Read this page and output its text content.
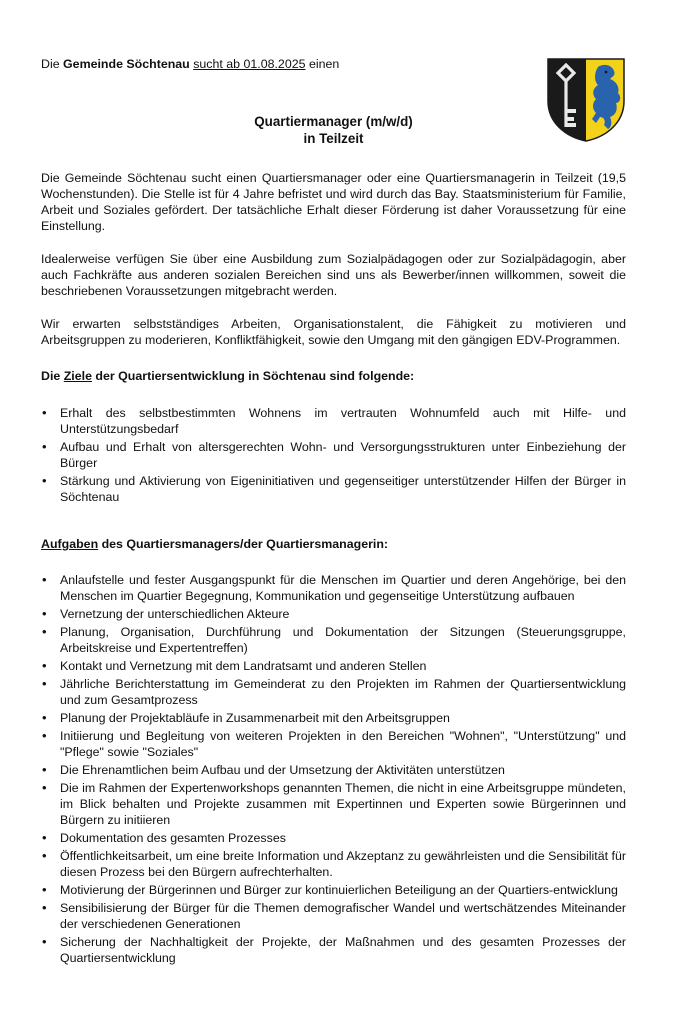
Die Gemeinde Söchtenau sucht ab 01.08.2025 einen

Quartiermanager (m/w/d)
in Teilzeit

Die Gemeinde Söchtenau sucht einen Quartiersmanager oder eine Quartiersmanagerin in Teilzeit (19,5 Wochenstunden). Die Stelle ist für 4 Jahre befristet und wird durch das Bay. Staatsministerium für Familie, Arbeit und Soziales gefördert. Der tatsächliche Erhalt dieser Förderung ist daher Voraussetzung für eine Einstellung.

Idealerweise verfügen Sie über eine Ausbildung zum Sozialpädagogen oder zur Sozialpädagogin, aber auch Fachkräfte aus anderen sozialen Bereichen sind uns als Bewerber/innen willkommen, soweit die beschriebenen Voraussetzungen mitgebracht werden.

Wir erwarten selbstständiges Arbeiten, Organisationstalent, die Fähigkeit zu motivieren und Arbeitsgruppen zu moderieren, Konfliktfähigkeit, sowie den Umgang mit den gängigen EDV-Programmen.

Die Ziele der Quartiersentwicklung in Söchtenau sind folgende:

• Erhalt des selbstbestimmten Wohnens im vertrauten Wohnumfeld auch mit Hilfe- und Unterstützungsbedarf
• Aufbau und Erhalt von altersgerechten Wohn- und Versorgungsstrukturen unter Einbeziehung der Bürger
• Stärkung und Aktivierung von Eigeninitiativen und gegenseitiger unterstützender Hilfen der Bürger in Söchtenau

Aufgaben des Quartiersmanagers/der Quartiersmanagerin:

• Anlaufstelle und fester Ausgangspunkt für die Menschen im Quartier und deren Angehörige, bei den Menschen im Quartier Begegnung, Kommunikation und gegenseitige Unterstützung aufbauen
• Vernetzung der unterschiedlichen Akteure
• Planung, Organisation, Durchführung und Dokumentation der Sitzungen (Steuerungsgruppe, Arbeitskreise und Expertentreffen)
• Kontakt und Vernetzung mit dem Landratsamt und anderen Stellen
• Jährliche Berichterstattung im Gemeinderat zu den Projekten im Rahmen der Quartiersentwicklung und zum Gesamtprozess
• Planung der Projektabläufe in Zusammenarbeit mit den Arbeitsgruppen
• Initiierung und Begleitung von weiteren Projekten in den Bereichen "Wohnen", "Unterstützung" und "Pflege" sowie "Soziales"
• Die Ehrenamtlichen beim Aufbau und der Umsetzung der Aktivitäten unterstützen
• Die im Rahmen der Expertenworkshops genannten Themen, die nicht in eine Arbeitsgruppe mündeten, im Blick behalten und Projekte zusammen mit Expertinnen und Experten sowie Bürgerinnen und Bürgern zu initiieren
• Dokumentation des gesamten Prozesses
• Öffentlichkeitsarbeit, um eine breite Information und Akzeptanz zu gewährleisten und die Sensibilität für diesen Prozess bei den Bürgern aufrechterhalten.
• Motivierung der Bürgerinnen und Bürger zur kontinuierlichen Beteiligung an der Quartiers-entwicklung
• Sensibilisierung der Bürger für die Themen demografischer Wandel und wertschätzendes Miteinander der verschiedenen Generationen
• Sicherung der Nachhaltigkeit der Projekte, der Maßnahmen und des gesamten Prozesses der Quartiersentwicklung
